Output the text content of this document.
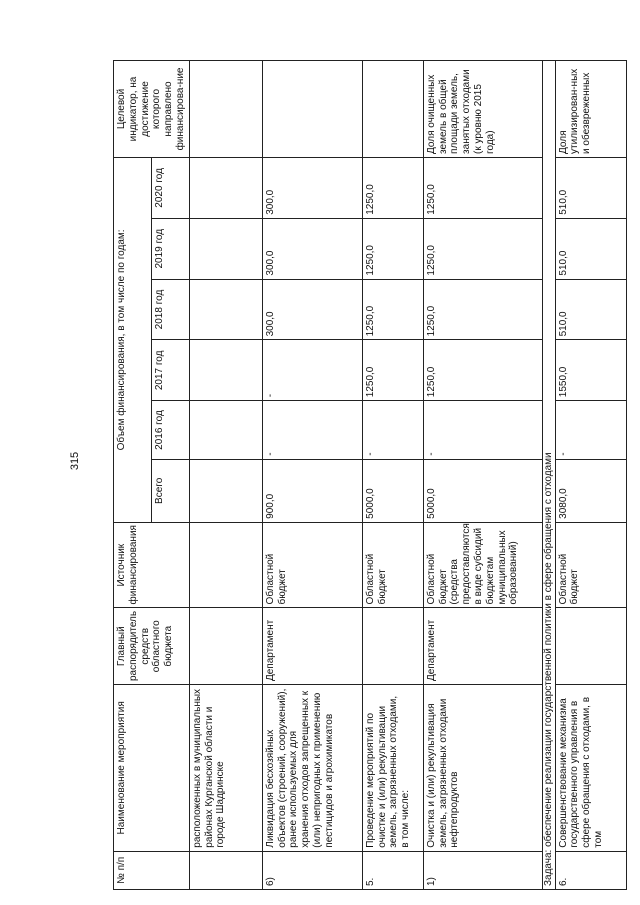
315
№ п/п	Наименование мероприятия	Главный распорядитель средств областного бюджета	Источник финансирования	Объем финансирования, в том числе по годам:						Целевой индикатор, на достижение которого направлено финансирова-ние
				Всего	2016 год	2017 год	2018 год	2019 год	2020 год	
	расположенных в муниципальных районах Курганской области и городе Шадринске									
6)	Ликвидация бесхозяйных объектов (строений, сооружений), ранее используемых для хранения отходов запрещенных к (или) непригодных к применению пестицидов и агрохимикатов	Департамент	Областной бюджет	900,0	-	-	300,0	300,0	300,0	
5.	Проведение мероприятий по очистке и (или) рекультивации земель, загрязненных отходами, в том числе:		Областной бюджет	5000,0	-	1250,0	1250,0	1250,0	1250,0	
1)	Очистка и (или) рекультивация земель, загрязненных отходами нефтепродуктов	Департамент	Областной бюджет (средства предоставляются в виде субсидий бюджетам муниципальных образований)	5000,0	-	1250,0	1250,0	1250,0	1250,0	Доля очищенных земель в общей площади земель, занятых отходами (к уровню 2015 года)
Задача: обеспечение реализации государственной политики в сфере обращения с отходами										
6.	Совершенствование механизма государственного управления в сфере обращения с отходами, в том		Областной бюджет	3080,0	-	1550,0	510,0	510,0	510,0	Доля утилизирован-ных и обезвреженных
